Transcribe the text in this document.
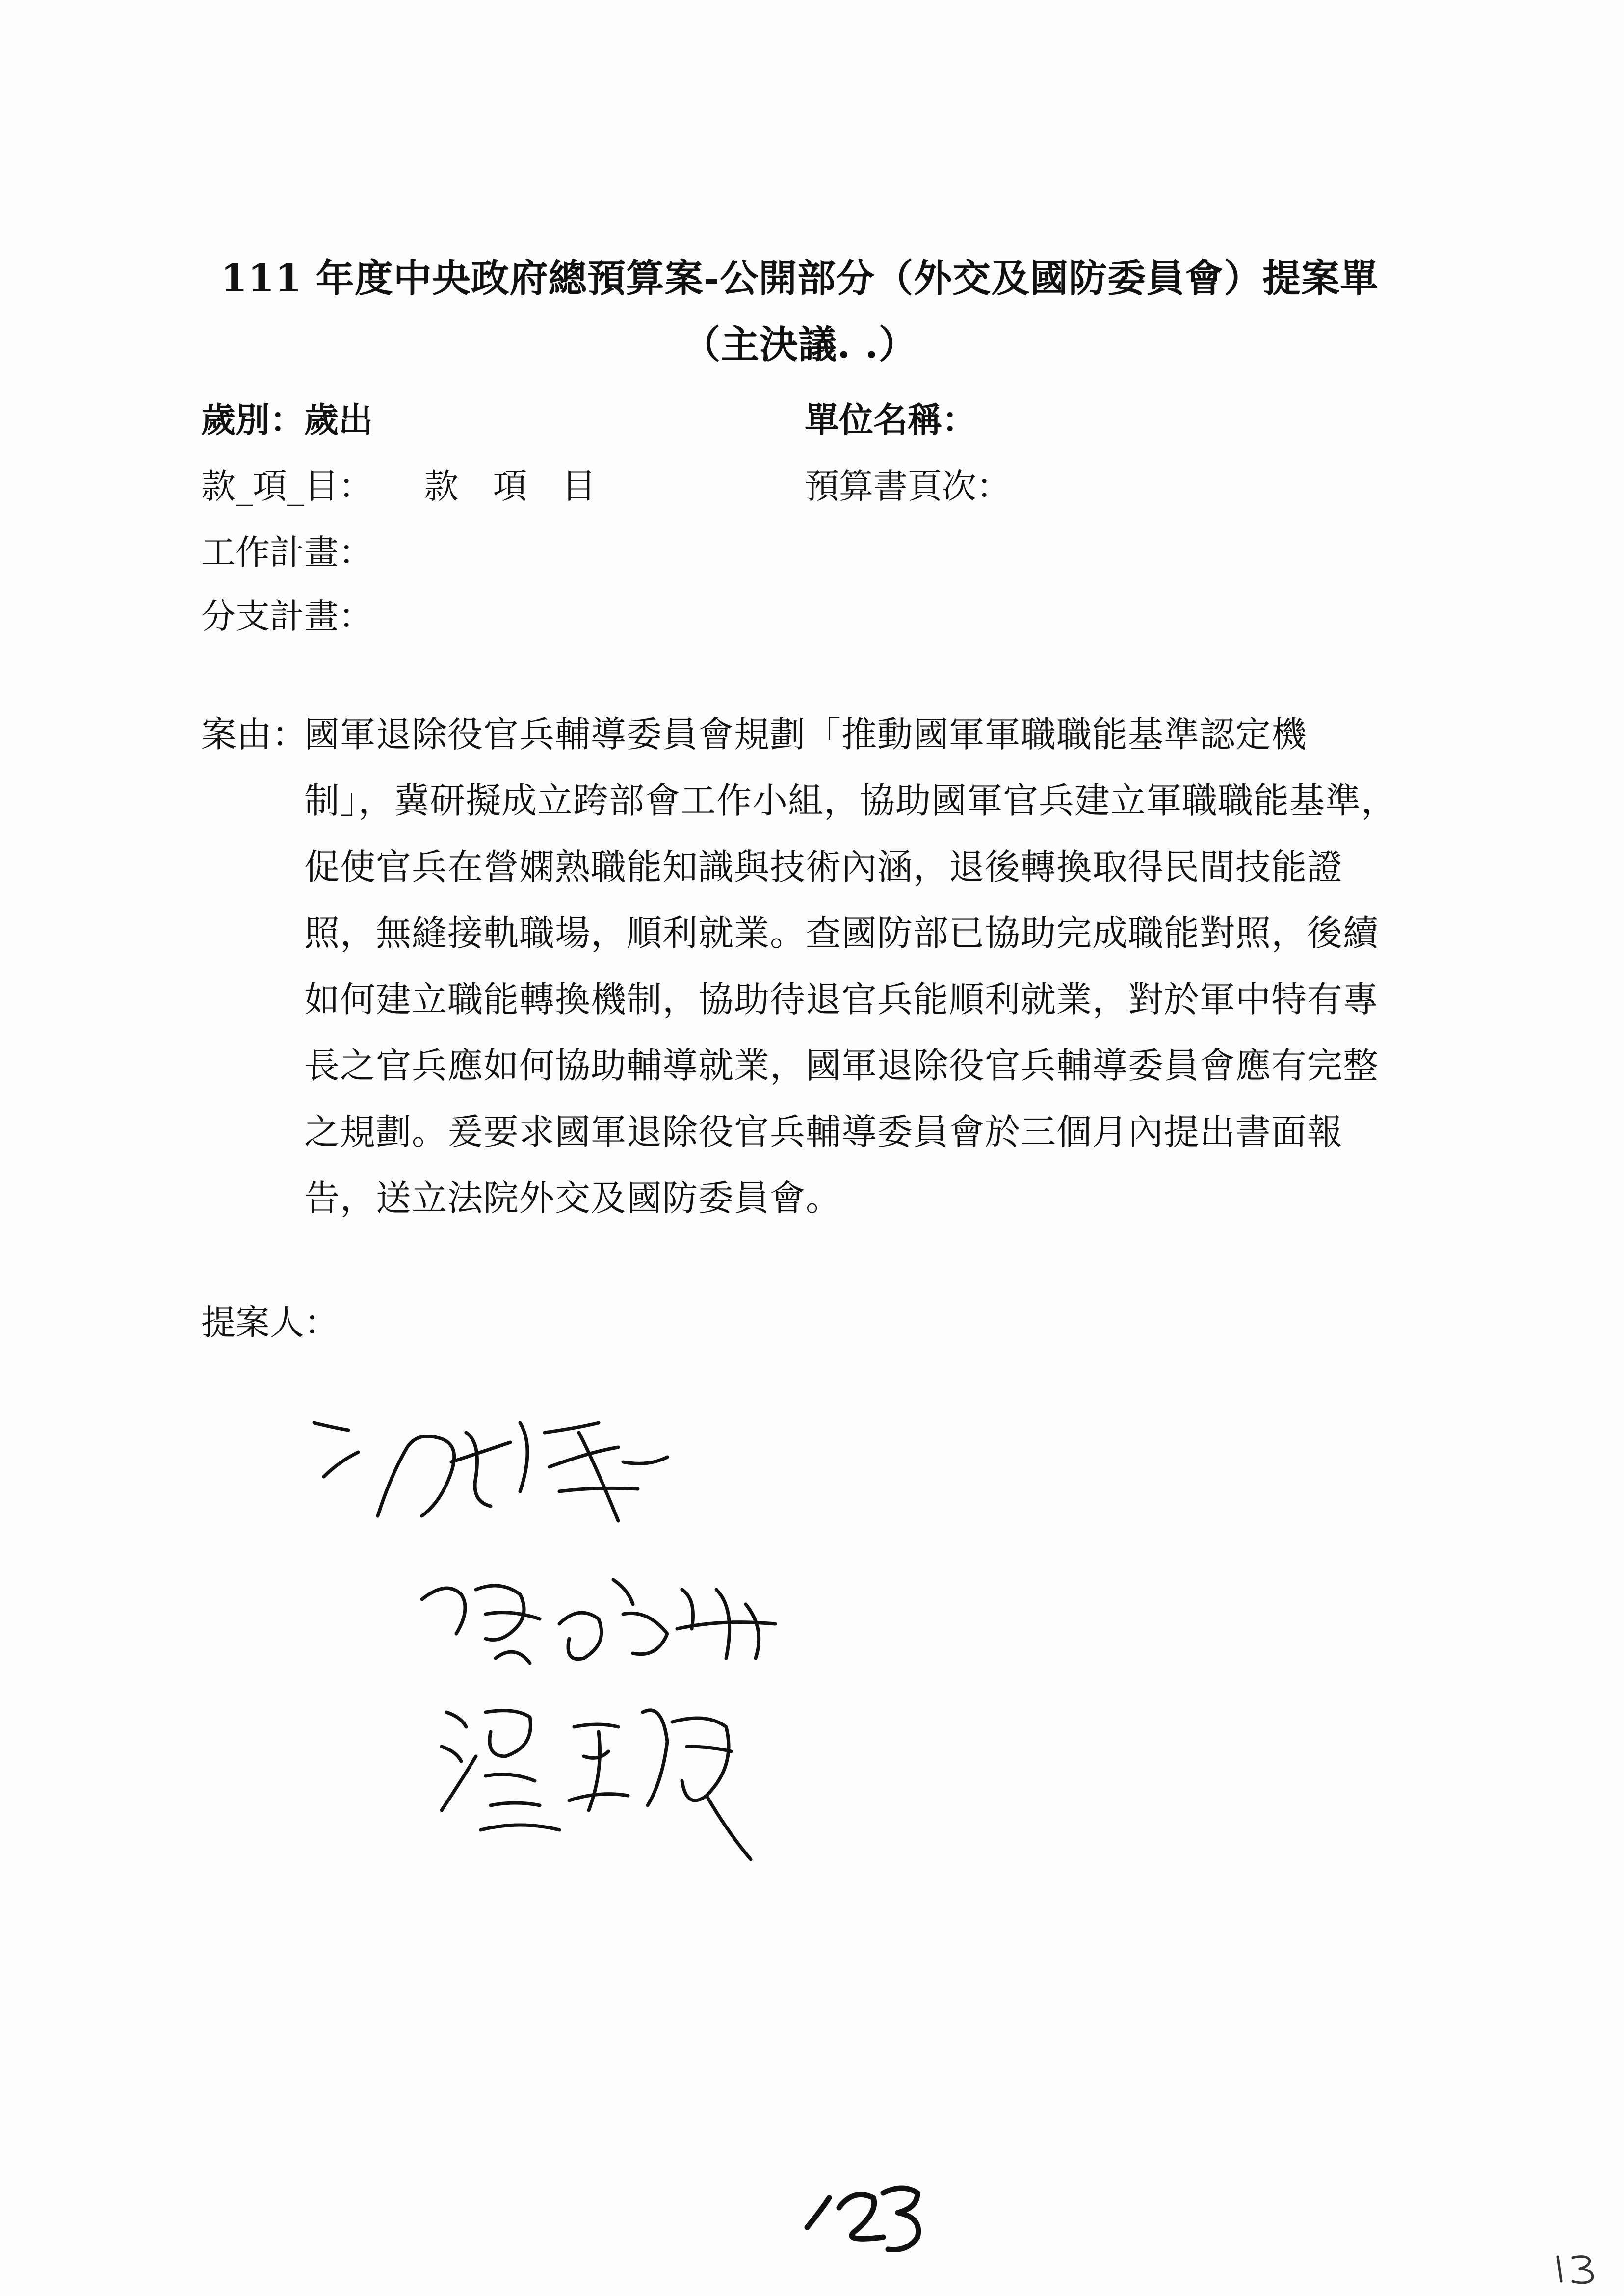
111 年度中央政府總預算案-公開部分（外交及國防委員會）提案單
（主決議. .）
歲別：歲出	單位名稱：
款_項_目： 款　項　目	預算書頁次：
工作計畫：
分支計畫：
案由：
國軍退除役官兵輔導委員會規劃「推動國軍軍職職能基準認定機
制」，冀研擬成立跨部會工作小組，協助國軍官兵建立軍職職能基準，
促使官兵在營嫻熟職能知識與技術內涵，退後轉換取得民間技能證
照，無縫接軌職場，順利就業。查國防部已協助完成職能對照，後續
如何建立職能轉換機制，協助待退官兵能順利就業，對於軍中特有專
長之官兵應如何協助輔導就業，國軍退除役官兵輔導委員會應有完整
之規劃。爰要求國軍退除役官兵輔導委員會於三個月內提出書面報
告，送立法院外交及國防委員會。
提案人：
